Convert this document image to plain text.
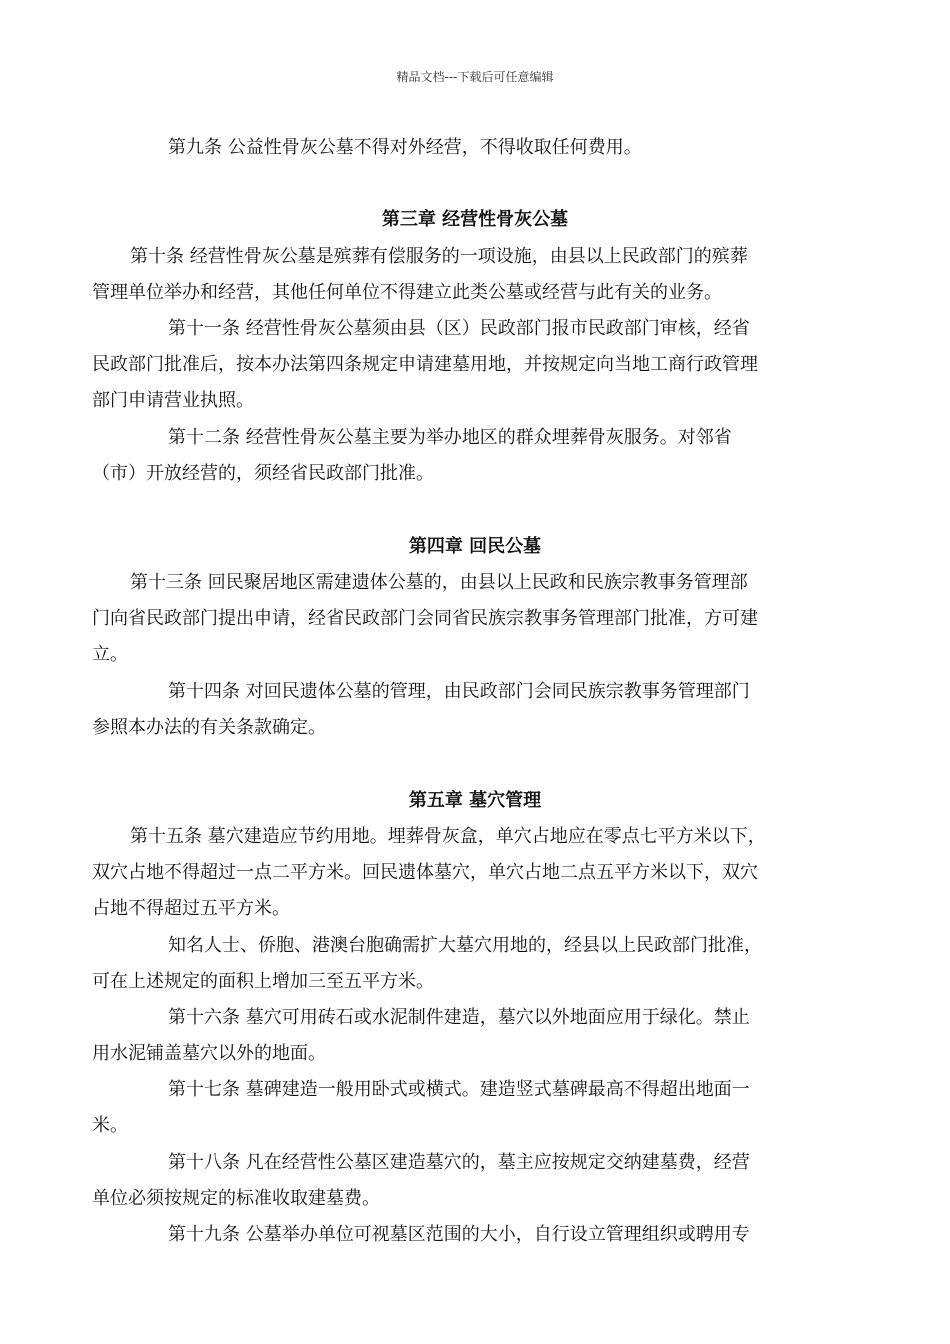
精品文档---下载后可任意编辑
第九条 公益性骨灰公墓不得对外经营，不得收取任何费用。
第三章 经营性骨灰公墓
第十条 经营性骨灰公墓是殡葬有偿服务的一项设施，由县以上民政部门的殡葬
管理单位举办和经营，其他任何单位不得建立此类公墓或经营与此有关的业务。
第十一条 经营性骨灰公墓须由县（区）民政部门报市民政部门审核，经省
民政部门批准后，按本办法第四条规定申请建墓用地，并按规定向当地工商行政管理
部门申请营业执照。
第十二条 经营性骨灰公墓主要为举办地区的群众埋葬骨灰服务。对邻省
（市）开放经营的，须经省民政部门批准。
第四章 回民公墓
第十三条 回民聚居地区需建遗体公墓的，由县以上民政和民族宗教事务管理部
门向省民政部门提出申请，经省民政部门会同省民族宗教事务管理部门批准，方可建
立。
第十四条 对回民遗体公墓的管理，由民政部门会同民族宗教事务管理部门
参照本办法的有关条款确定。
第五章 墓穴管理
第十五条 墓穴建造应节约用地。埋葬骨灰盒，单穴占地应在零点七平方米以下，
双穴占地不得超过一点二平方米。回民遗体墓穴，单穴占地二点五平方米以下，双穴
占地不得超过五平方米。
知名人士、侨胞、港澳台胞确需扩大墓穴用地的，经县以上民政部门批准，
可在上述规定的面积上增加三至五平方米。
第十六条 墓穴可用砖石或水泥制件建造，墓穴以外地面应用于绿化。禁止
用水泥铺盖墓穴以外的地面。
第十七条 墓碑建造一般用卧式或横式。建造竖式墓碑最高不得超出地面一
米。
第十八条 凡在经营性公墓区建造墓穴的，墓主应按规定交纳建墓费，经营
单位必须按规定的标准收取建墓费。
第十九条 公墓举办单位可视墓区范围的大小，自行设立管理组织或聘用专
